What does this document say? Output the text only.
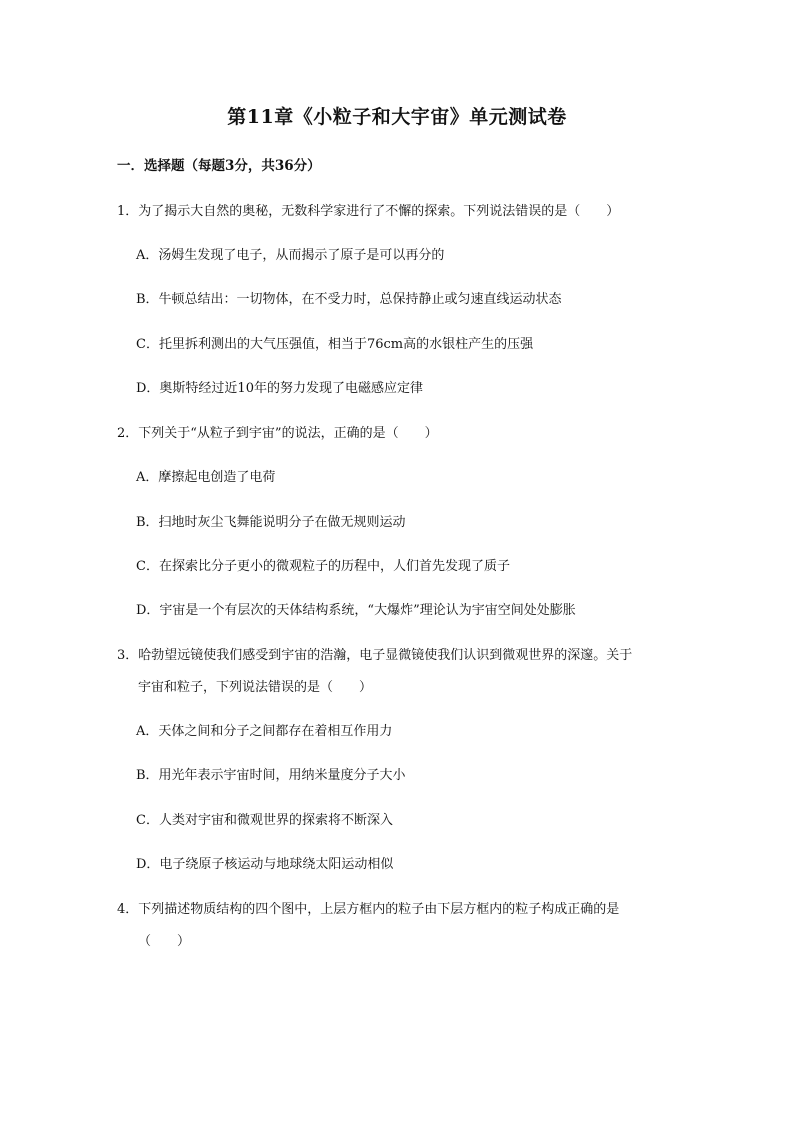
第11章《小粒子和大宇宙》单元测试卷
一．选择题（每题3分，共36分）
1．为了揭示大自然的奥秘，无数科学家进行了不懈的探索。下列说法错误的是（　　）
A．汤姆生发现了电子，从而揭示了原子是可以再分的
B．牛顿总结出：一切物体，在不受力时，总保持静止或匀速直线运动状态
C．托里拆利测出的大气压强值，相当于76cm高的水银柱产生的压强
D．奥斯特经过近10年的努力发现了电磁感应定律
2．下列关于“从粒子到宇宙”的说法，正确的是（　　）
A．摩擦起电创造了电荷
B．扫地时灰尘飞舞能说明分子在做无规则运动
C．在探索比分子更小的微观粒子的历程中，人们首先发现了质子
D．宇宙是一个有层次的天体结构系统，“大爆炸”理论认为宇宙空间处处膨胀
3．哈勃望远镜使我们感受到宇宙的浩瀚，电子显微镜使我们认识到微观世界的深邃。关于
宇宙和粒子，下列说法错误的是（　　）
A．天体之间和分子之间都存在着相互作用力
B．用光年表示宇宙时间，用纳米量度分子大小
C．人类对宇宙和微观世界的探索将不断深入
D．电子绕原子核运动与地球绕太阳运动相似
4．下列描述物质结构的四个图中，上层方框内的粒子由下层方框内的粒子构成正确的是
（　　）
